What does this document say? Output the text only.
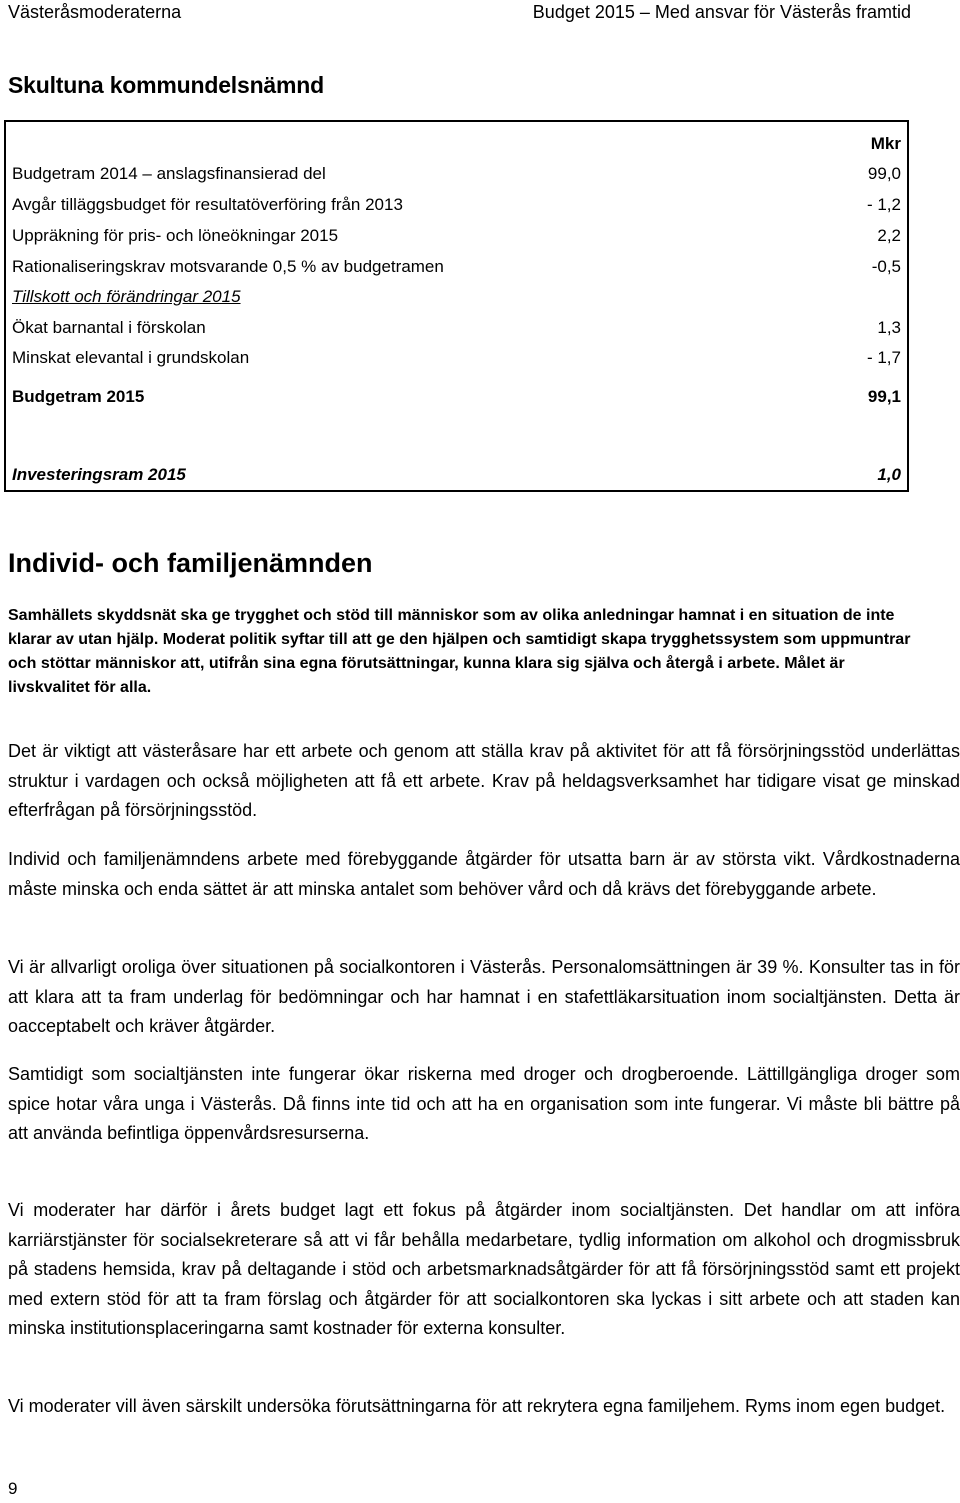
Västeråsmoderaterna	Budget 2015 – Med ansvar för Västerås framtid
Skultuna kommundelsnämnd
Mkr
Budgetram 2014 – anslagsfinansierad del	99,0
Avgår tilläggsbudget för resultatöverföring från 2013	- 1,2
Uppräkning för pris- och löneökningar 2015	2,2
Rationaliseringskrav motsvarande 0,5 % av budgetramen	-0,5
Tillskott och förändringar 2015
Ökat barnantal i förskolan	1,3
Minskat elevantal i grundskolan	- 1,7
Budgetram 2015	99,1
Investeringsram 2015	1,0
Individ- och familjenämnden

Samhällets skyddsnät ska ge trygghet och stöd till människor som av olika anledningar hamnat i en situation de inte klarar av utan hjälp. Moderat politik syftar till att ge den hjälpen och samtidigt skapa trygghetssystem som uppmuntrar och stöttar människor att, utifrån sina egna förutsättningar, kunna klara sig själva och återgå i arbete. Målet är livskvalitet för alla.

Det är viktigt att västeråsare har ett arbete och genom att ställa krav på aktivitet för att få försörjningsstöd underlättas struktur i vardagen och också möjligheten att få ett arbete. Krav på heldagsverksamhet har tidigare visat ge minskad efterfrågan på försörjningsstöd.

Individ och familjenämndens arbete med förebyggande åtgärder för utsatta barn är av största vikt. Vårdkostnaderna måste minska och enda sättet är att minska antalet som behöver vård och då krävs det förebyggande arbete.

Vi är allvarligt oroliga över situationen på socialkontoren i Västerås. Personalomsättningen är 39 %. Konsulter tas in för att klara att ta fram underlag för bedömningar och har hamnat i en stafettläkarsituation inom socialtjänsten. Detta är oacceptabelt och kräver åtgärder.

Samtidigt som socialtjänsten inte fungerar ökar riskerna med droger och drogberoende. Lättillgängliga droger som spice hotar våra unga i Västerås. Då finns inte tid och att ha en organisation som inte fungerar. Vi måste bli bättre på att använda befintliga öppenvårdsresurserna.

Vi moderater har därför i årets budget lagt ett fokus på åtgärder inom socialtjänsten. Det handlar om att införa karriärstjänster för socialsekreterare så att vi får behålla medarbetare, tydlig information om alkohol och drogmissbruk på stadens hemsida, krav på deltagande i stöd och arbetsmarknadsåtgärder för att få försörjningsstöd samt ett projekt med extern stöd för att ta fram förslag och åtgärder för att socialkontoren ska lyckas i sitt arbete och att staden kan minska institutionsplaceringarna samt kostnader för externa konsulter.

Vi moderater vill även särskilt undersöka förutsättningarna för att rekrytera egna familjehem. Ryms inom egen budget.

9
